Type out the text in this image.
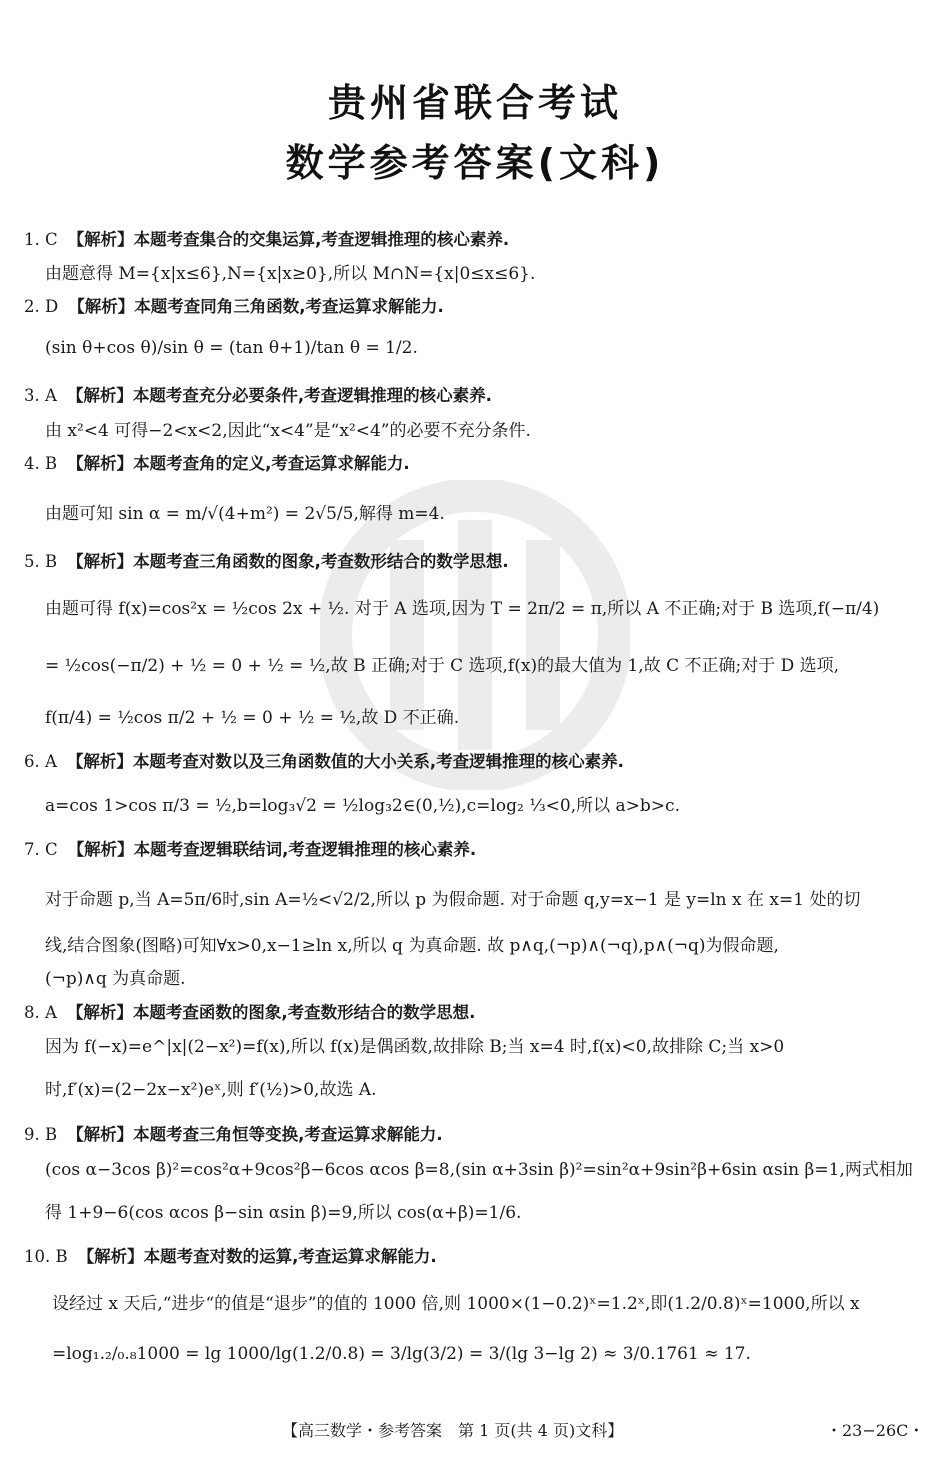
贵州省联合考试
数学参考答案(文科)
1. C 【解析】本题考查集合的交集运算,考查逻辑推理的核心素养.
由题意得 M={x|x≤6},N={x|x≥0},所以 M∩N={x|0≤x≤6}.
2. D 【解析】本题考查同角三角函数,考查运算求解能力.
(sin θ+cos θ)/sin θ = (tan θ+1)/tan θ = 1/2.
3. A 【解析】本题考查充分必要条件,考查逻辑推理的核心素养.
由 x²<4 可得−2<x<2,因此“x<4”是“x²<4”的必要不充分条件.
4. B 【解析】本题考查角的定义,考查运算求解能力.
由题可知 sin α = m/√(4+m²) = 2√5/5,解得 m=4.
5. B 【解析】本题考查三角函数的图象,考查数形结合的数学思想.
由题可得 f(x)=cos²x = ½cos 2x + ½. 对于 A 选项,因为 T = 2π/2 = π,所以 A 不正确;对于 B 选项,f(−π/4)
= ½cos(−π/2) + ½ = 0 + ½ = ½,故 B 正确;对于 C 选项,f(x)的最大值为 1,故 C 不正确;对于 D 选项,
f(π/4) = ½cos π/2 + ½ = 0 + ½ = ½,故 D 不正确.
6. A 【解析】本题考查对数以及三角函数值的大小关系,考查逻辑推理的核心素养.
a=cos 1>cos π/3 = ½,b=log₃√2 = ½log₃2∈(0,½),c=log₂ ⅓<0,所以 a>b>c.
7. C 【解析】本题考查逻辑联结词,考查逻辑推理的核心素养.
对于命题 p,当 A=5π/6时,sin A=½<√2/2,所以 p 为假命题. 对于命题 q,y=x−1 是 y=ln x 在 x=1 处的切
线,结合图象(图略)可知∀x>0,x−1≥ln x,所以 q 为真命题. 故 p∧q,(¬p)∧(¬q),p∧(¬q)为假命题,
(¬p)∧q 为真命题.
8. A 【解析】本题考查函数的图象,考查数形结合的数学思想.
因为 f(−x)=e^|x|(2−x²)=f(x),所以 f(x)是偶函数,故排除 B;当 x=4 时,f(x)<0,故排除 C;当 x>0
时,f′(x)=(2−2x−x²)eˣ,则 f′(½)>0,故选 A.
9. B 【解析】本题考查三角恒等变换,考查运算求解能力.
(cos α−3cos β)²=cos²α+9cos²β−6cos αcos β=8,(sin α+3sin β)²=sin²α+9sin²β+6sin αsin β=1,两式相加
得 1+9−6(cos αcos β−sin αsin β)=9,所以 cos(α+β)=1/6.
10. B 【解析】本题考查对数的运算,考查运算求解能力.
设经过 x 天后,“进步“的值是“退步”的值的 1000 倍,则 1000×(1−0.2)ˣ=1.2ˣ,即(1.2/0.8)ˣ=1000,所以 x
=log₁.₂/₀.₈1000 = lg 1000/lg(1.2/0.8) = 3/lg(3/2) = 3/(lg 3−lg 2) ≈ 3/0.1761 ≈ 17.
【高三数学・参考答案　第 1 页(共 4 页)文科】	・23−26C・
